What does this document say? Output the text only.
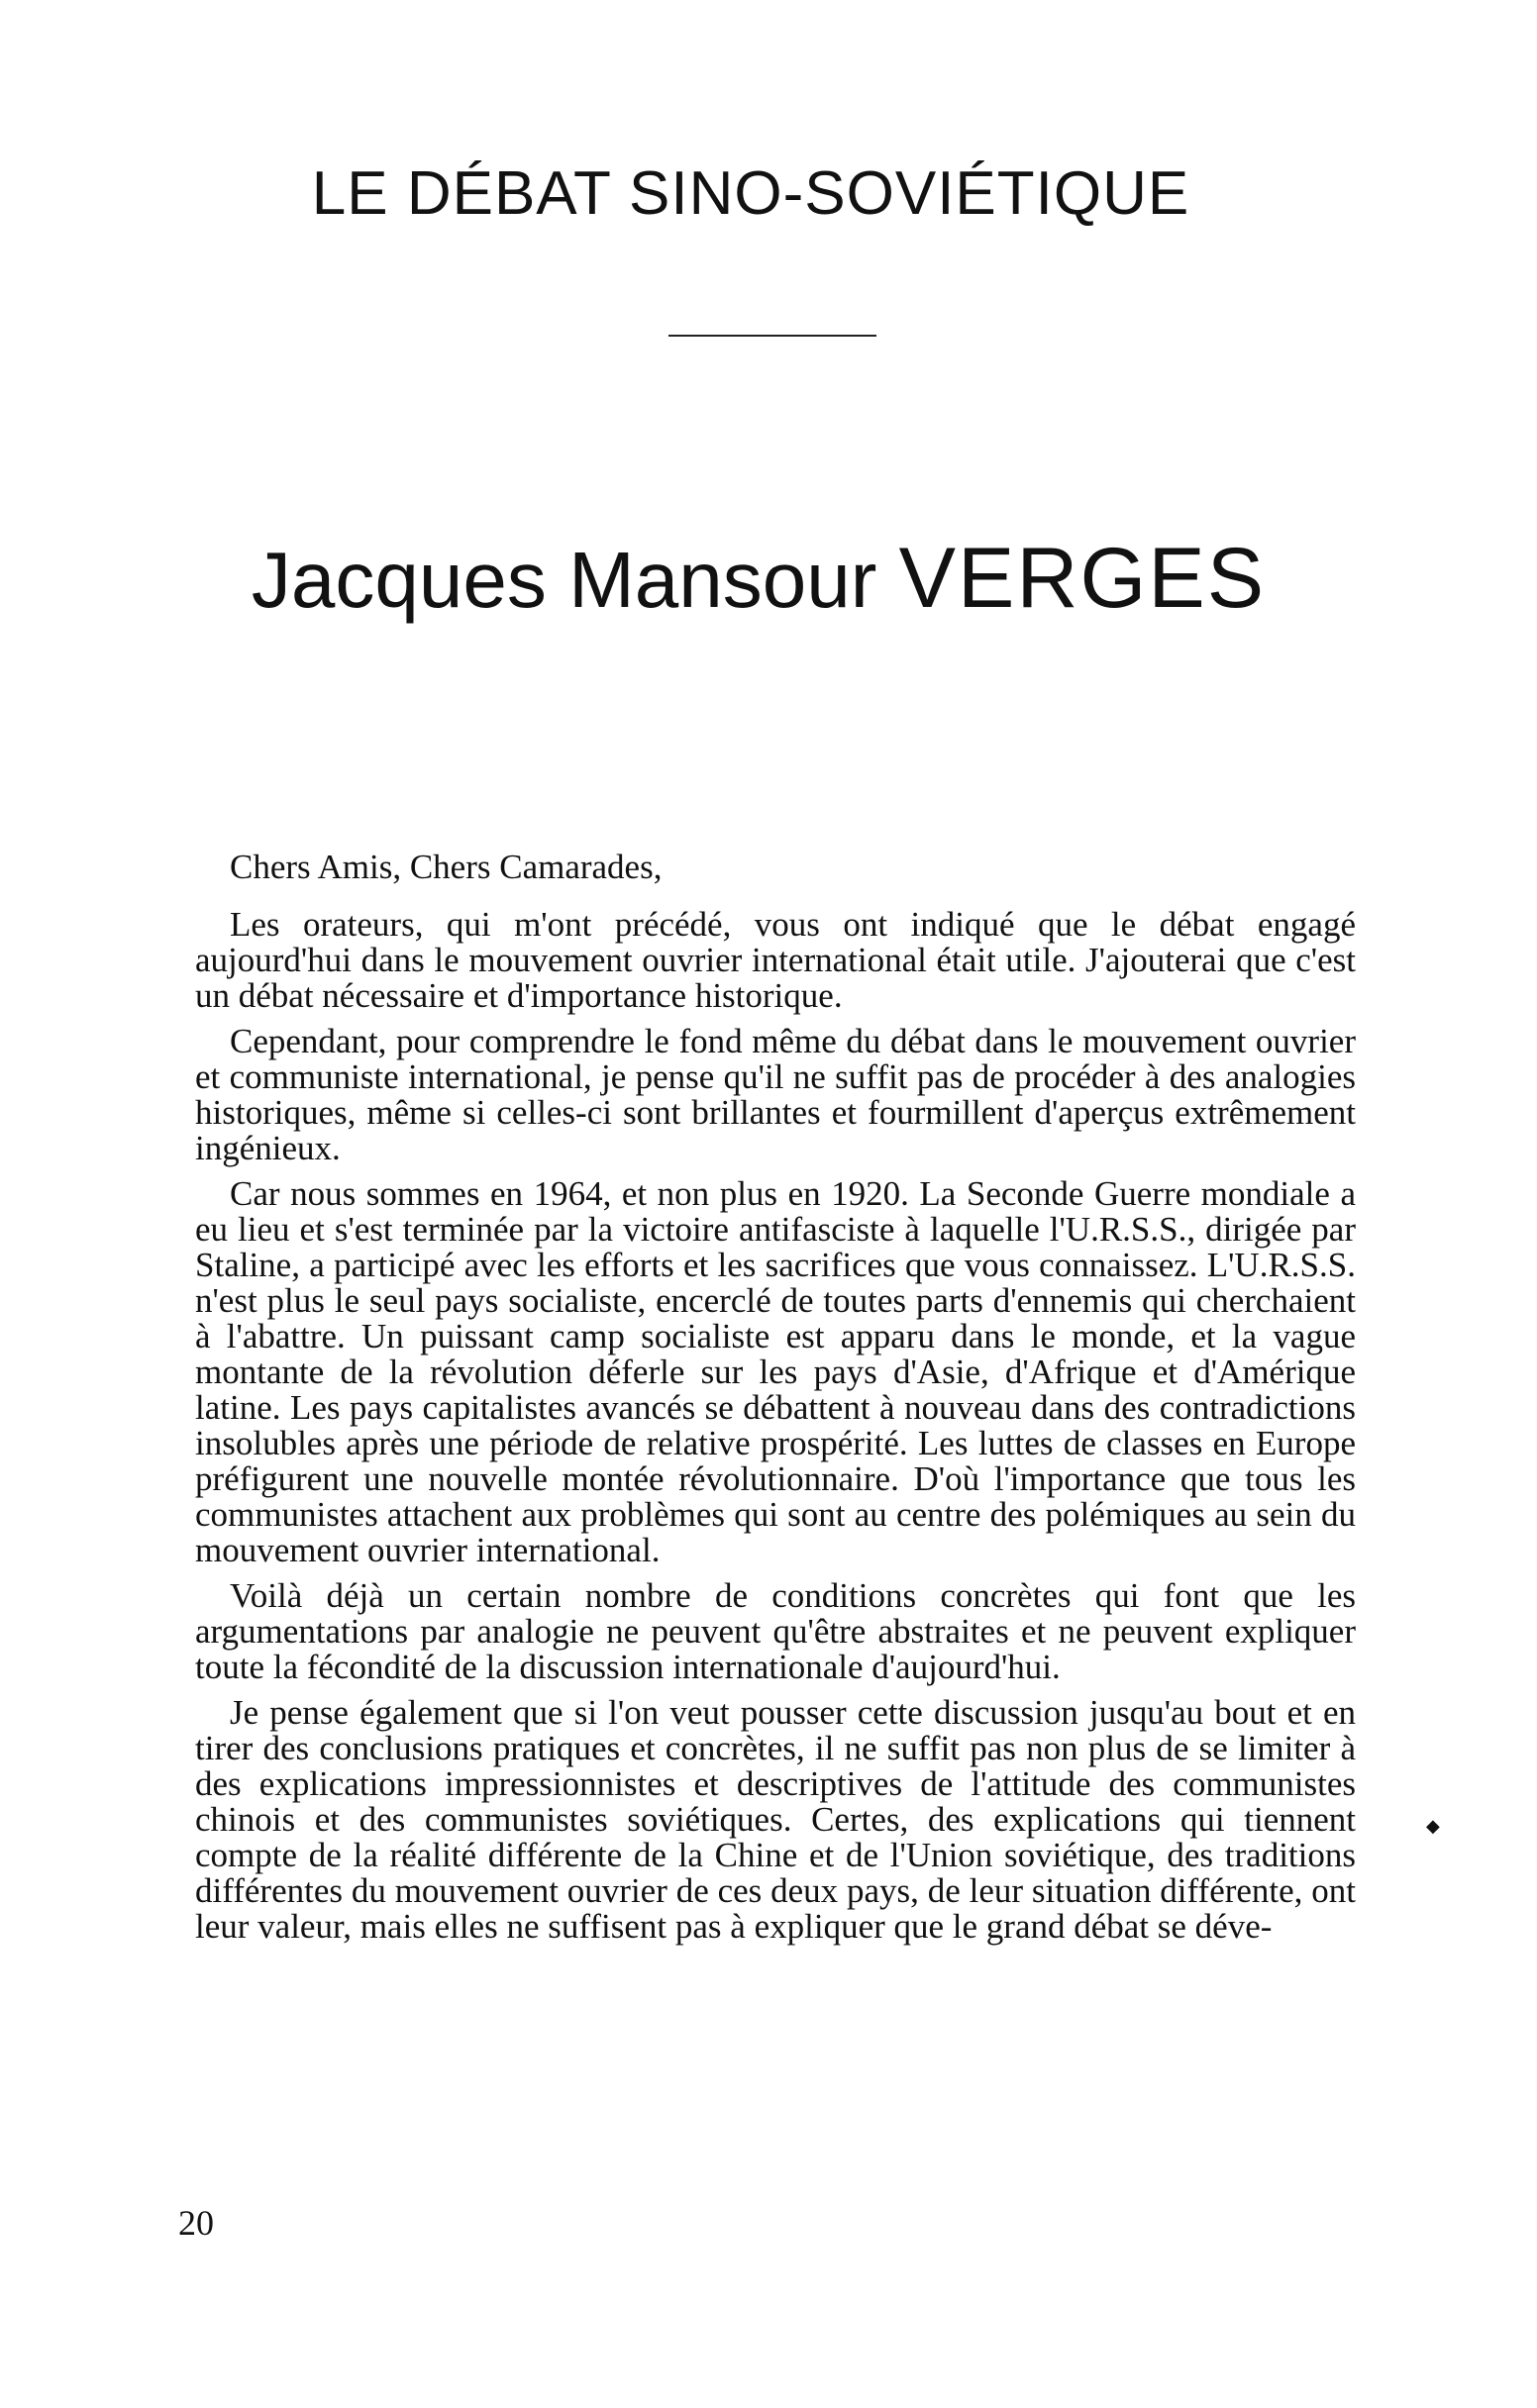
LE DÉBAT SINO-SOVIÉTIQUE
Jacques Mansour VERGES

Chers Amis, Chers Camarades,

Les orateurs, qui m'ont précédé, vous ont indiqué que le débat engagé aujourd'hui dans le mouvement ouvrier international était utile. J'ajouterai que c'est un débat nécessaire et d'importance historique.

Cependant, pour comprendre le fond même du débat dans le mouvement ouvrier et communiste international, je pense qu'il ne suffit pas de procéder à des analogies historiques, même si celles-ci sont brillantes et fourmillent d'aperçus extrêmement ingénieux.

Car nous sommes en 1964, et non plus en 1920. La Seconde Guerre mondiale a eu lieu et s'est terminée par la victoire antifasciste à laquelle l'U.R.S.S., dirigée par Staline, a participé avec les efforts et les sacrifices que vous connaissez. L'U.R.S.S. n'est plus le seul pays socialiste, encerclé de toutes parts d'ennemis qui cherchaient à l'abattre. Un puissant camp socialiste est apparu dans le monde, et la vague montante de la révolution déferle sur les pays d'Asie, d'Afrique et d'Amérique latine. Les pays capitalistes avancés se débattent à nouveau dans des contradictions insolubles après une période de relative prospérité. Les luttes de classes en Europe préfigurent une nouvelle montée révolutionnaire. D'où l'importance que tous les communistes attachent aux problèmes qui sont au centre des polémiques au sein du mouvement ouvrier international.

Voilà déjà un certain nombre de conditions concrètes qui font que les argumentations par analogie ne peuvent qu'être abstraites et ne peuvent expliquer toute la fécondité de la discussion internationale d'aujourd'hui.

Je pense également que si l'on veut pousser cette discussion jusqu'au bout et en tirer des conclusions pratiques et concrètes, il ne suffit pas non plus de se limiter à des explications impressionnistes et descriptives de l'attitude des communistes chinois et des communistes soviétiques. Certes, des explications qui tiennent compte de la réalité différente de la Chine et de l'Union soviétique, des traditions différentes du mouvement ouvrier de ces deux pays, de leur situation différente, ont leur valeur, mais elles ne suffisent pas à expliquer que le grand débat se déve-

◆
20
